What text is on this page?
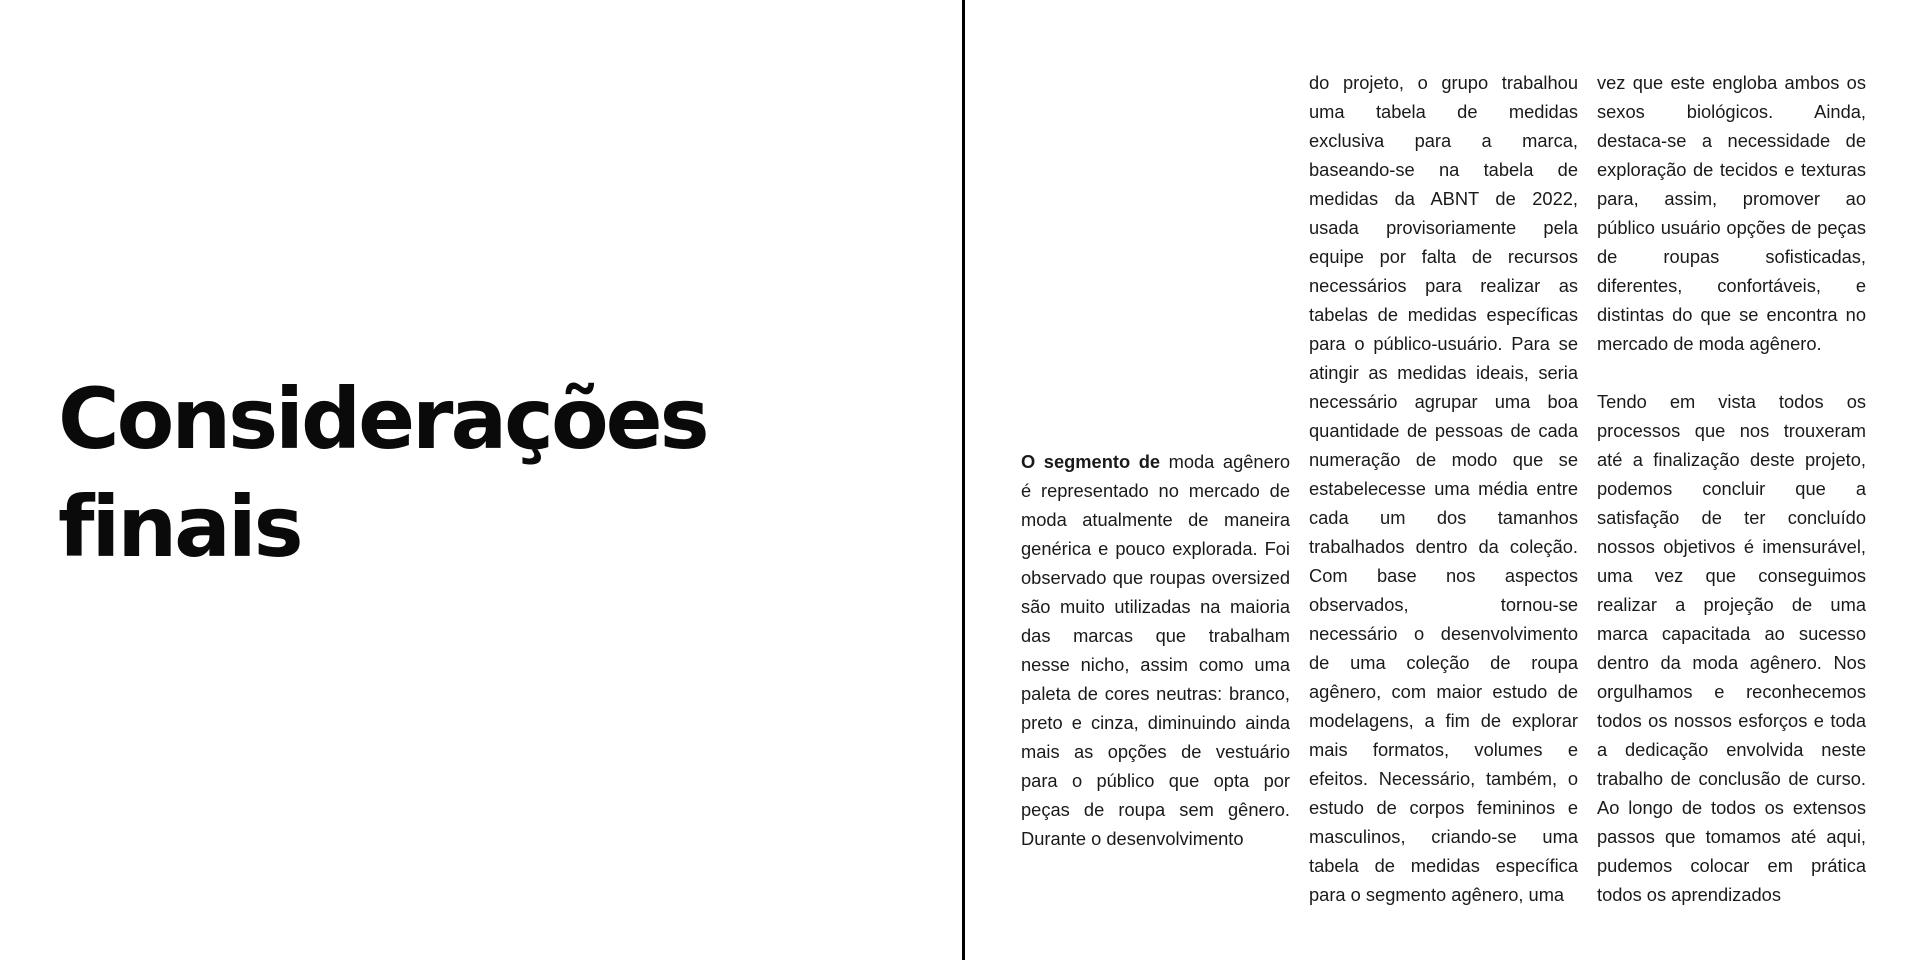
Considerações
finais

O segmento de moda agênero é representado no mercado de moda atualmente de maneira genérica e pouco explorada. Foi observado que roupas oversized são muito utilizadas na maioria das marcas que trabalham nesse nicho, assim como uma paleta de cores neutras: branco, preto e cinza, diminuindo ainda mais as opções de vestuário para o público que opta por peças de roupa sem gênero. Durante o desenvolvimento

do projeto, o grupo trabalhou uma tabela de medidas exclusiva para a marca, baseando-se na tabela de medidas da ABNT de 2022, usada provisoriamente pela equipe por falta de recursos necessários para realizar as tabelas de medidas específicas para o público-usuário. Para se atingir as medidas ideais, seria necessário agrupar uma boa quantidade de pessoas de cada numeração de modo que se estabelecesse uma média entre cada um dos tamanhos trabalhados dentro da coleção. Com base nos aspectos observados, tornou-se necessário o desenvolvimento de uma coleção de roupa agênero, com maior estudo de modelagens, a fim de explorar mais formatos, volumes e efeitos. Necessário, também, o estudo de corpos femininos e masculinos, criando-se uma tabela de medidas específica para o segmento agênero, uma

vez que este engloba ambos os sexos biológicos. Ainda, destaca-se a necessidade de exploração de tecidos e texturas para, assim, promover ao público usuário opções de peças de roupas sofisticadas, diferentes, confortáveis, e distintas do que se encontra no mercado de moda agênero.

Tendo em vista todos os processos que nos trouxeram até a finalização deste projeto, podemos concluir que a satisfação de ter concluído nossos objetivos é imensurável, uma vez que conseguimos realizar a projeção de uma marca capacitada ao sucesso dentro da moda agênero. Nos orgulhamos e reconhecemos todos os nossos esforços e toda a dedicação envolvida neste trabalho de conclusão de curso. Ao longo de todos os extensos passos que tomamos até aqui, pudemos colocar em prática todos os aprendizados
